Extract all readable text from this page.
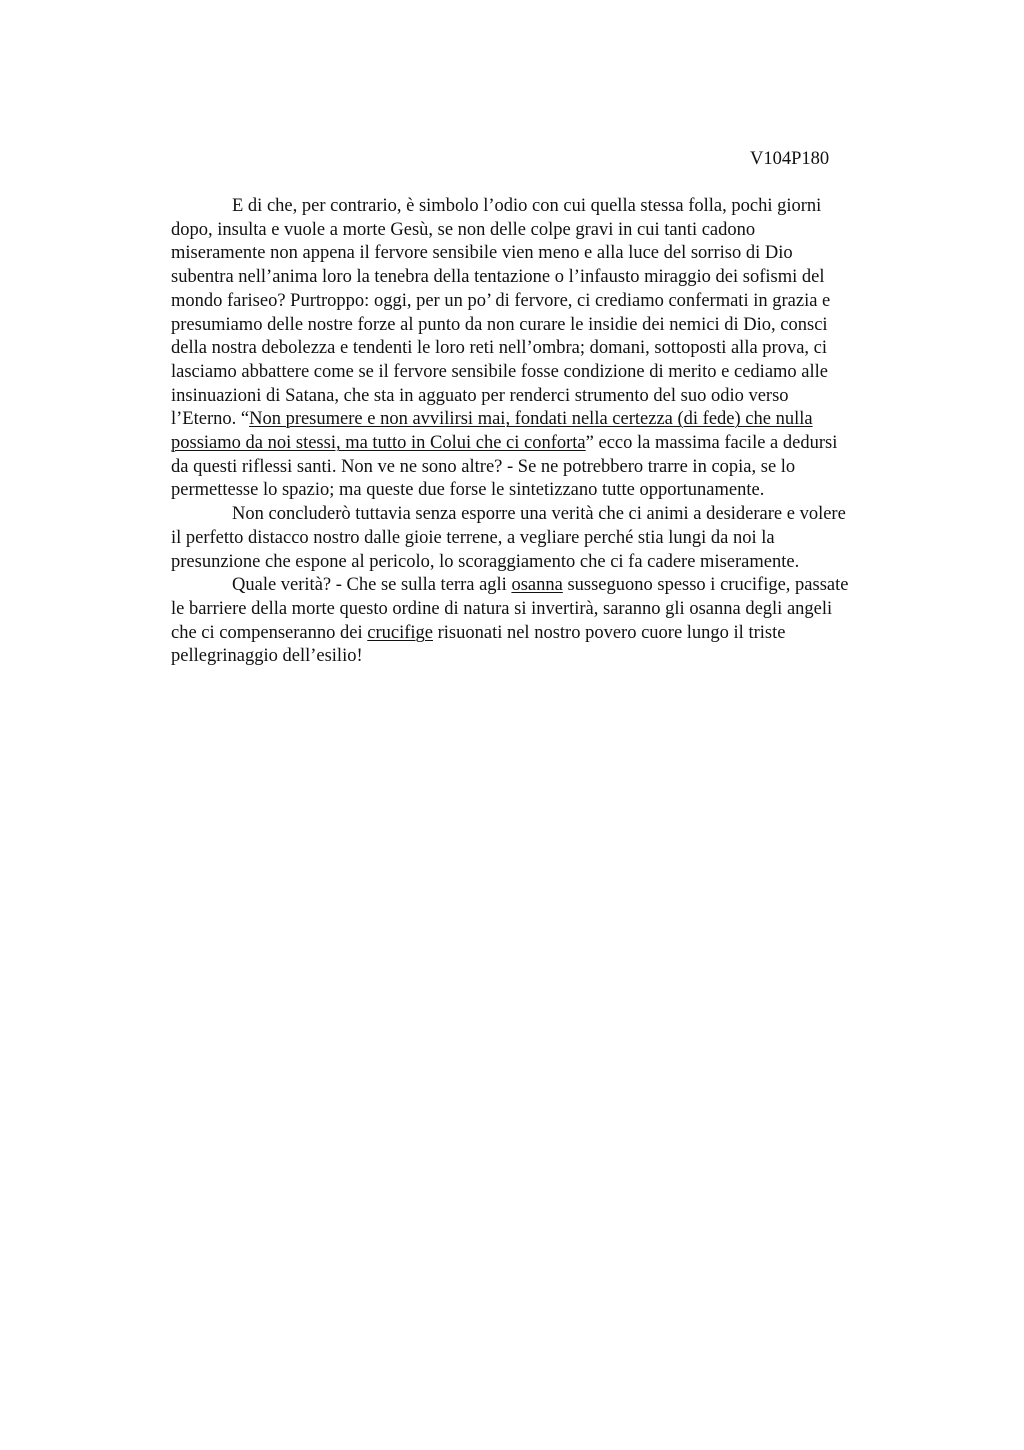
V104P180
E di che, per contrario, è simbolo l’odio con cui quella stessa folla, pochi giorni
dopo, insulta e vuole a morte Gesù, se non delle colpe gravi in cui tanti cadono
miseramente non appena il fervore sensibile vien meno e alla luce del sorriso di Dio
subentra nell’anima loro la tenebra della tentazione o l’infausto miraggio dei sofismi del
mondo fariseo? Purtroppo: oggi, per un po’ di fervore, ci crediamo confermati in grazia e
presumiamo delle nostre forze al punto da non curare le insidie dei nemici di Dio, consci
della nostra debolezza e tendenti le loro reti nell’ombra; domani, sottoposti alla prova, ci
lasciamo abbattere come se il fervore sensibile fosse condizione di merito e cediamo alle
insinuazioni di Satana, che sta in agguato per renderci strumento del suo odio verso
l’Eterno. “Non presumere e non avvilirsi mai, fondati nella certezza (di fede) che nulla
possiamo da noi stessi, ma tutto in Colui che ci conforta” ecco la massima facile a dedursi
da questi riflessi santi. Non ve ne sono altre? - Se ne potrebbero trarre in copia, se lo
permettesse lo spazio; ma queste due forse le sintetizzano tutte opportunamente.
Non concluderò tuttavia senza esporre una verità che ci animi a desiderare e volere
il perfetto distacco nostro dalle gioie terrene, a vegliare perché stia lungi da noi la
presunzione che espone al pericolo, lo scoraggiamento che ci fa cadere miseramente.
Quale verità? - Che se sulla terra agli osanna susseguono spesso i crucifige, passate
le barriere della morte questo ordine di natura si invertirà, saranno gli osanna degli angeli
che ci compenseranno dei crucifige risuonati nel nostro povero cuore lungo il triste
pellegrinaggio dell’esilio!
